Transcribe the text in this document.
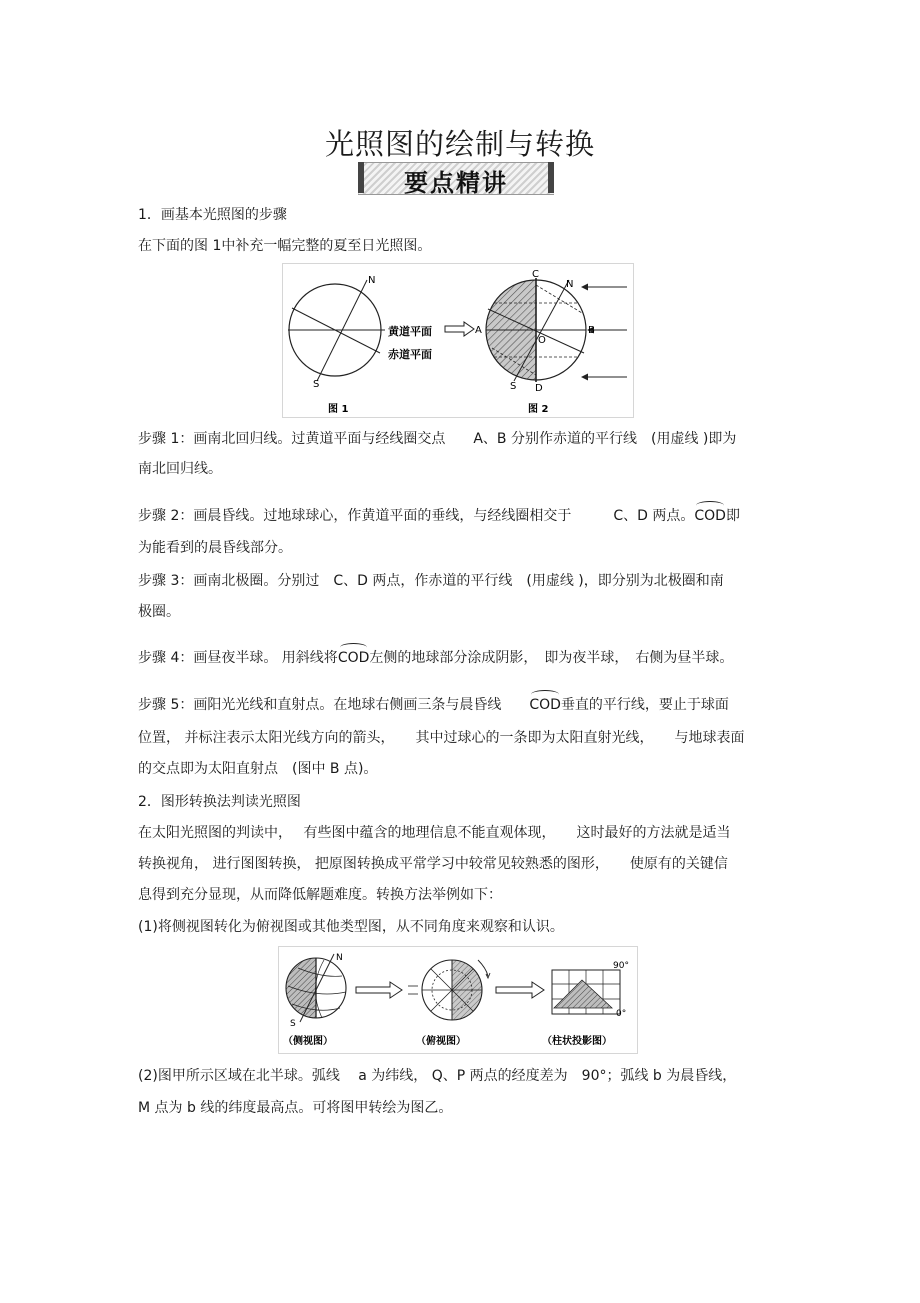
光照图的绘制与转换
要点精讲
1．画基本光照图的步骤
在下面的图 1中补充一幅完整的夏至日光照图。
N
S
黄道平面
赤道平面
C
A	B
O
D
N
S
图 1	图 2
步骤 1：画南北回归线。过黄道平面与经线圈交点　　A、B 分别作赤道的平行线　(用虚线 )即为
南北回归线。
步骤 2：画晨昏线。过地球球心，作黄道平面的垂线，与经线圈相交于　　　C、D 两点。COD即
为能看到的晨昏线部分。
步骤 3：画南北极圈。分别过　C、D 两点，作赤道的平行线　(用虚线 )，即分别为北极圈和南
极圈。
步骤 4：画昼夜半球。 用斜线将COD左侧的地球部分涂成阴影，　即为夜半球，　右侧为昼半球。
步骤 5：画阳光光线和直射点。在地球右侧画三条与晨昏线　　COD垂直的平行线，要止于球面
位置， 并标注表示太阳光线方向的箭头，　　其中过球心的一条即为太阳直射光线，　　与地球表面
的交点即为太阳直射点　(图中 B 点)。
2．图形转换法判读光照图
在太阳光照图的判读中，　 有些图中蕴含的地理信息不能直观体现，　　这时最好的方法就是适当
转换视角， 进行图图转换， 把原图转换成平常学习中较常见较熟悉的图形，　　使原有的关键信
息得到充分显现，从而降低解题难度。转换方法举例如下：
(1)将侧视图转化为俯视图或其他类型图，从不同角度来观察和认识。
N
S
90°
0°
（侧视图）	（俯视图）	（柱状投影图）
(2)图甲所示区域在北半球。弧线　 a 为纬线， Q、P 两点的经度差为　90°；弧线 b 为晨昏线，
M 点为 b 线的纬度最高点。可将图甲转绘为图乙。
